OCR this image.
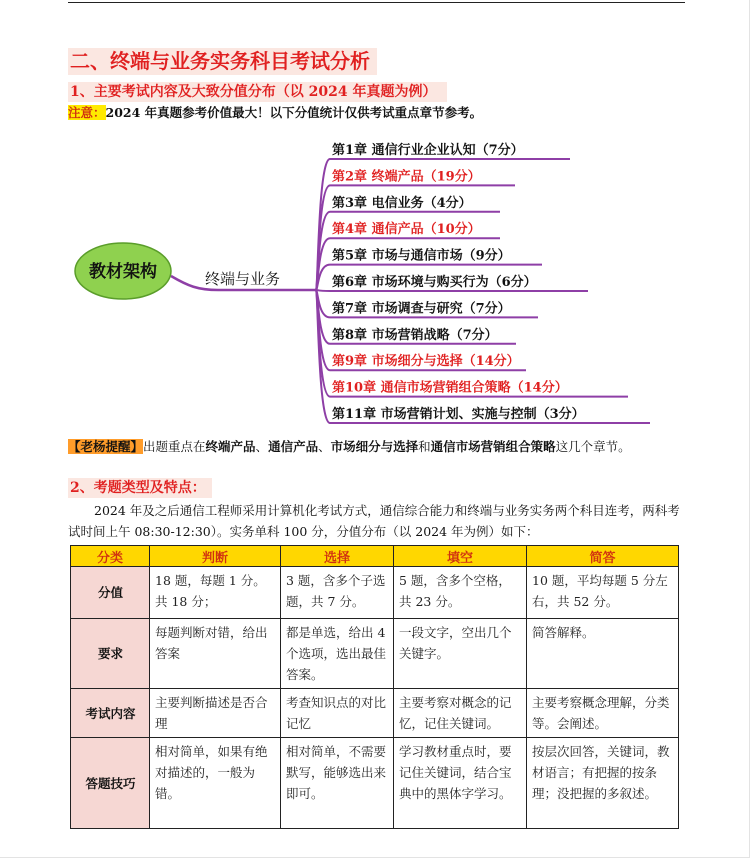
二、终端与业务实务科目考试分析
1、主要考试内容及大致分值分布（以 2024 年真题为例）
注意：2024 年真题参考价值最大！以下分值统计仅供考试重点章节参考。
教材架构	终端与业务
第1章 通信行业企业认知（7分）
第2章 终端产品（19分）
第3章 电信业务（4分）
第4章 通信产品（10分）
第5章 市场与通信市场（9分）
第6章 市场环境与购买行为（6分）
第7章 市场调查与研究（7分）
第8章 市场营销战略（7分）
第9章 市场细分与选择（14分）
第10章 通信市场营销组合策略（14分）
第11章 市场营销计划、实施与控制（3分）
【老杨提醒】出题重点在终端产品、通信产品、市场细分与选择和通信市场营销组合策略这几个章节。
2、考题类型及特点：
2024 年及之后通信工程师采用计算机化考试方式，通信综合能力和终端与业务实务两个科目连考，两科考试时间上午 08:30-12:30）。实务单科 100 分，分值分布（以 2024 年为例）如下：
分类	判断	选择	填空	简答
分值	18 题，每题 1 分。共 18 分；	3 题，含多个子选题，共 7 分。	5 题，含多个空格，共 23 分。	10 题，平均每题 5 分左右，共 52 分。
要求	每题判断对错，给出答案	都是单选，给出 4 个选项，选出最佳答案。	一段文字，空出几个关键字。	简答解释。
考试内容	主要判断描述是否合理	考查知识点的对比记忆	主要考察对概念的记忆，记住关键词。	主要考察概念理解，分类等。会阐述。
答题技巧	相对简单，如果有绝对描述的，一般为错。	相对简单，不需要默写，能够选出来即可。	学习教材重点时，要记住关键词，结合宝典中的黑体字学习。	按层次回答，关键词，教材语言；有把握的按条理；没把握的多叙述。
